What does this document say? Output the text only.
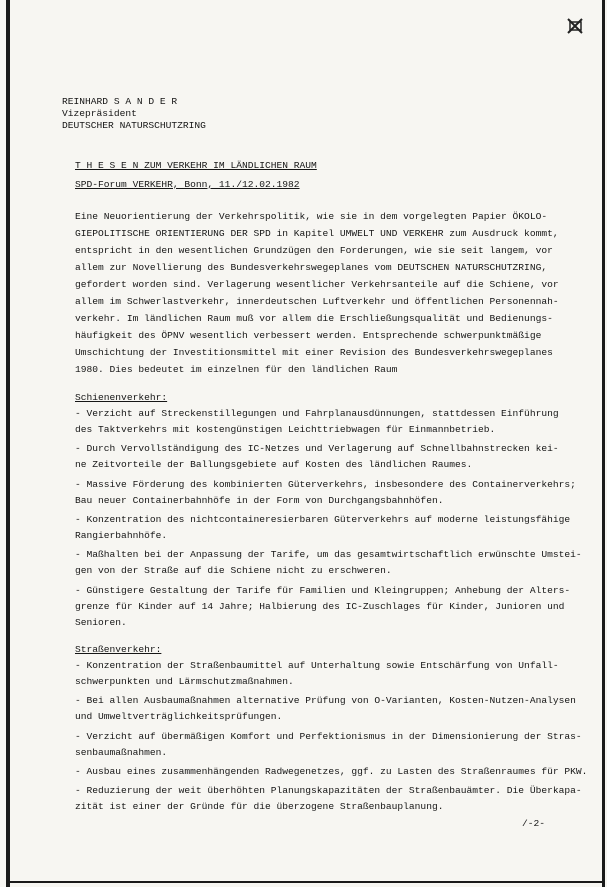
REINHARD S A N D E R
Vizepräsident
DEUTSCHER NATURSCHUTZRING
T H E S E N ZUM VERKEHR IM LÄNDLICHEN RAUM
SPD-Forum VERKEHR, Bonn, 11./12.02.1982
Eine Neuorientierung der Verkehrspolitik, wie sie in dem vorgelegten Papier ÖKOLO-
GIEPOLITISCHE ORIENTIERUNG DER SPD in Kapitel UMWELT UND VERKEHR zum Ausdruck kommt,
entspricht in den wesentlichen Grundzügen den Forderungen, wie sie seit langem, vor
allem zur Novellierung des Bundesverkehrswegeplanes vom DEUTSCHEN NATURSCHUTZRING,
gefordert worden sind. Verlagerung wesentlicher Verkehrsanteile auf die Schiene, vor
allem im Schwerlastverkehr, innerdeutschen Luftverkehr und öffentlichen Personennah-
verkehr. Im ländlichen Raum muß vor allem die Erschließungsqualität und Bedienungs-
häufigkeit des ÖPNV wesentlich verbessert werden. Entsprechende schwerpunktmäßige
Umschichtung der Investitionsmittel mit einer Revision des Bundesverkehrswegeplanes
1980. Dies bedeutet im einzelnen für den ländlichen Raum
Schienenverkehr:
- Verzicht auf Streckenstillegungen und Fahrplanausdünnungen, stattdessen Einführung
des Taktverkehrs mit kostengünstigen Leichttriebwagen für Einmannbetrieb.
- Durch Vervollständigung des IC-Netzes und Verlagerung auf Schnellbahnstrecken kei-
ne Zeitvorteile der Ballungsgebiete auf Kosten des ländlichen Raumes.
- Massive Förderung des kombinierten Güterverkehrs, insbesondere des Containerverkehrs;
Bau neuer Containerbahnhöfe in der Form von Durchgangsbahnhöfen.
- Konzentration des nichtcontaineresierbaren Güterverkehrs auf moderne leistungsfähige
Rangierbahnhöfe.
- Maßhalten bei der Anpassung der Tarife, um das gesamtwirtschaftlich erwünschte Umstei-
gen von der Straße auf die Schiene nicht zu erschweren.
- Günstigere Gestaltung der Tarife für Familien und Kleingruppen; Anhebung der Alters-
grenze für Kinder auf 14 Jahre; Halbierung des IC-Zuschlages für Kinder, Junioren und
Senioren.
Straßenverkehr:
- Konzentration der Straßenbaumittel auf Unterhaltung sowie Entschärfung von Unfall-
schwerpunkten und Lärmschutzmaßnahmen.
- Bei allen Ausbaumaßnahmen alternative Prüfung von O-Varianten, Kosten-Nutzen-Analysen
und Umweltverträglichkeitsprüfungen.
- Verzicht auf übermäßigen Komfort und Perfektionismus in der Dimensionierung der Stras-
senbaumaßnahmen.
- Ausbau eines zusammenhängenden Radwegenetzes, ggf. zu Lasten des Straßenraumes für PKW.
- Reduzierung der weit überhöhten Planungskapazitäten der Straßenbauämter. Die Überkapa-
zität ist einer der Gründe für die überzogene Straßenbauplanung.
/-2-
